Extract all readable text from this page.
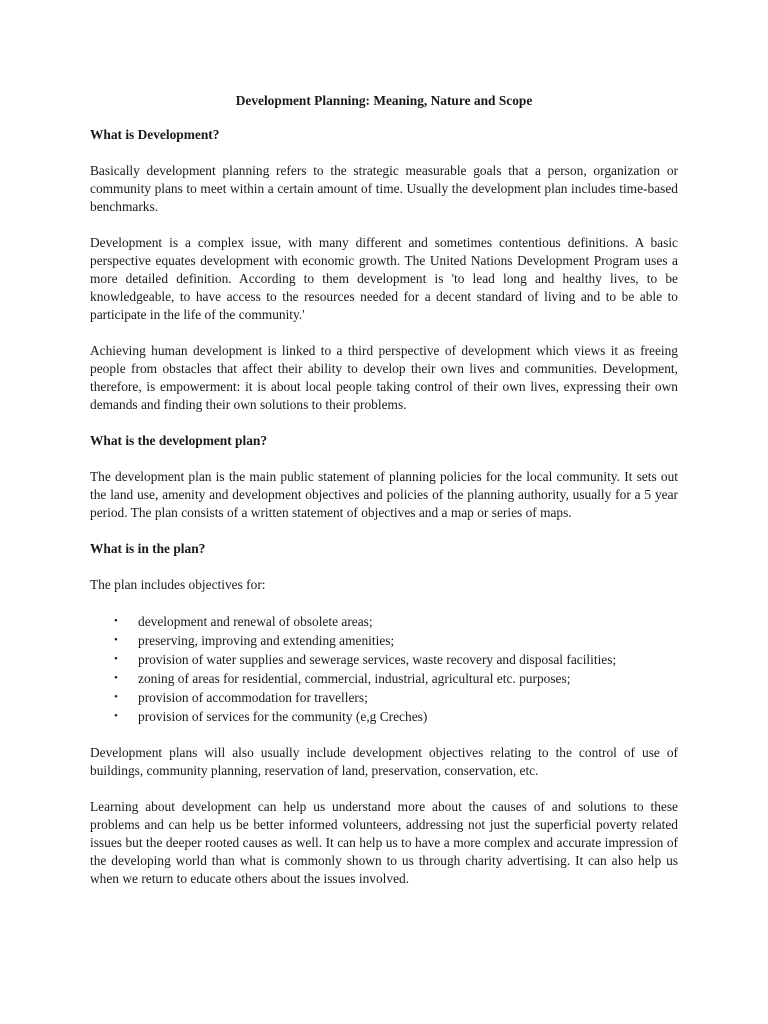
Development Planning: Meaning, Nature and Scope
What is Development?

Basically development planning refers to the strategic measurable goals that a person, organization or community plans to meet within a certain amount of time. Usually the development plan includes time-based benchmarks.

Development is a complex issue, with many different and sometimes contentious definitions. A basic perspective equates development with economic growth. The United Nations Development Program uses a more detailed definition. According to them development is 'to lead long and healthy lives, to be knowledgeable, to have access to the resources needed for a decent standard of living and to be able to participate in the life of the community.'

Achieving human development is linked to a third perspective of development which views it as freeing people from obstacles that affect their ability to develop their own lives and communities. Development, therefore, is empowerment: it is about local people taking control of their own lives, expressing their own demands and finding their own solutions to their problems.

What is the development plan?

The development plan is the main public statement of planning policies for the local community. It sets out the land use, amenity and development objectives and policies of the planning authority, usually for a 5 year period. The plan consists of a written statement of objectives and a map or series of maps.

What is in the plan?

The plan includes objectives for:

• development and renewal of obsolete areas;
• preserving, improving and extending amenities;
• provision of water supplies and sewerage services, waste recovery and disposal facilities;
• zoning of areas for residential, commercial, industrial, agricultural etc. purposes;
• provision of accommodation for travellers;
• provision of services for the community (e,g Creches)

Development plans will also usually include development objectives relating to the control of use of buildings, community planning, reservation of land, preservation, conservation, etc.

Learning about development can help us understand more about the causes of and solutions to these problems and can help us be better informed volunteers, addressing not just the superficial poverty related issues but the deeper rooted causes as well. It can help us to have a more complex and accurate impression of the developing world than what is commonly shown to us through charity advertising. It can also help us when we return to educate others about the issues involved.
